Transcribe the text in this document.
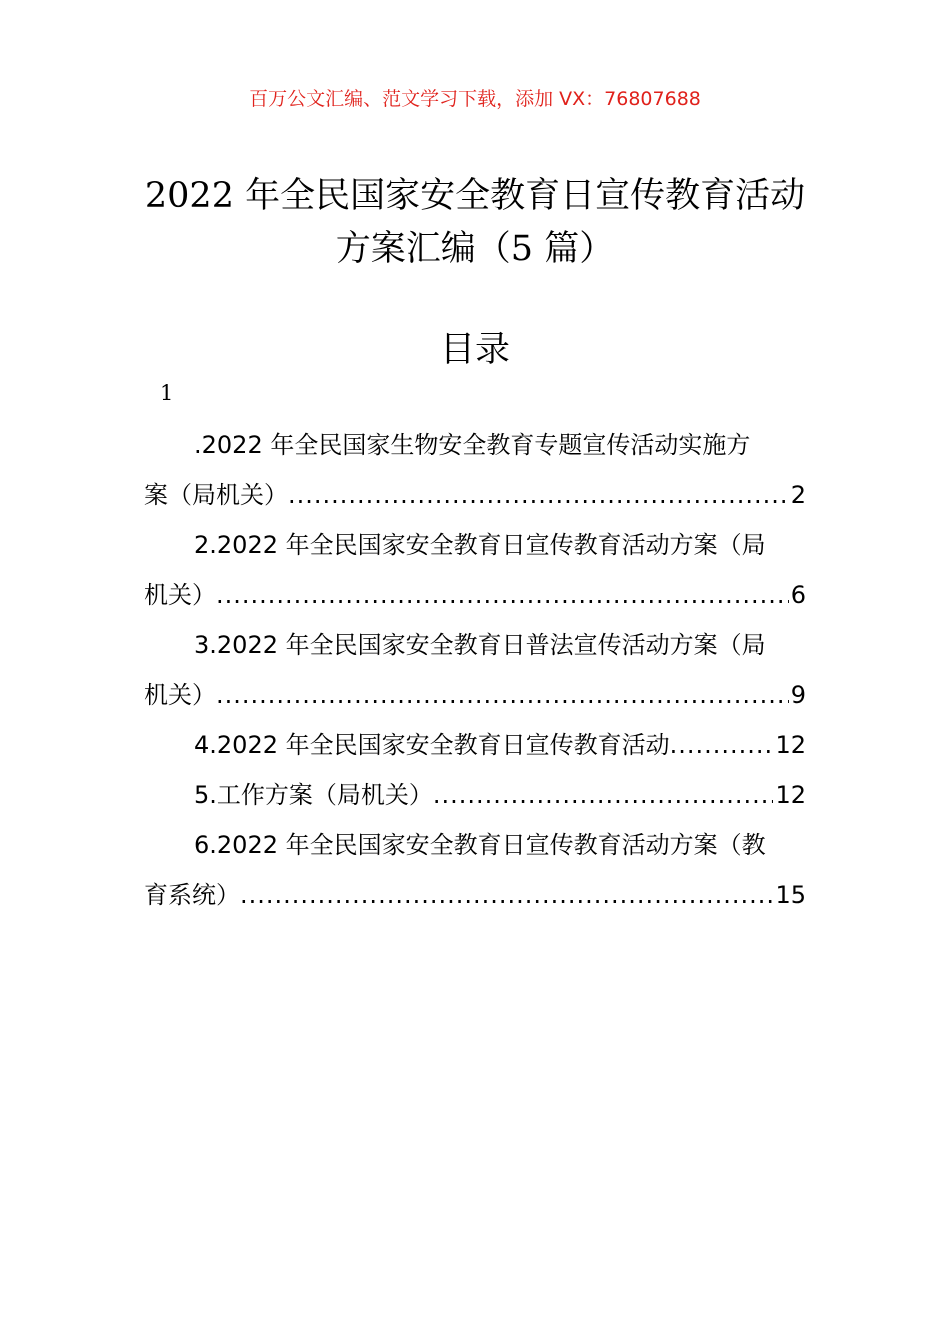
百万公文汇编、范文学习下载，添加 VX：76807688
2022 年全民国家安全教育日宣传教育活动
方案汇编（5 篇）
目录
1
.2022 年全民国家生物安全教育专题宣传活动实施方
案（局机关） .....	2
2.2022 年全民国家安全教育日宣传教育活动方案（局
机关） .....	6
3.2022 年全民国家安全教育日普法宣传活动方案（局
机关） .....	9
4.2022 年全民国家安全教育日宣传教育活动 .....	12
5.工作方案（局机关） .....	12
6.2022 年全民国家安全教育日宣传教育活动方案（教
育系统） .....	15
